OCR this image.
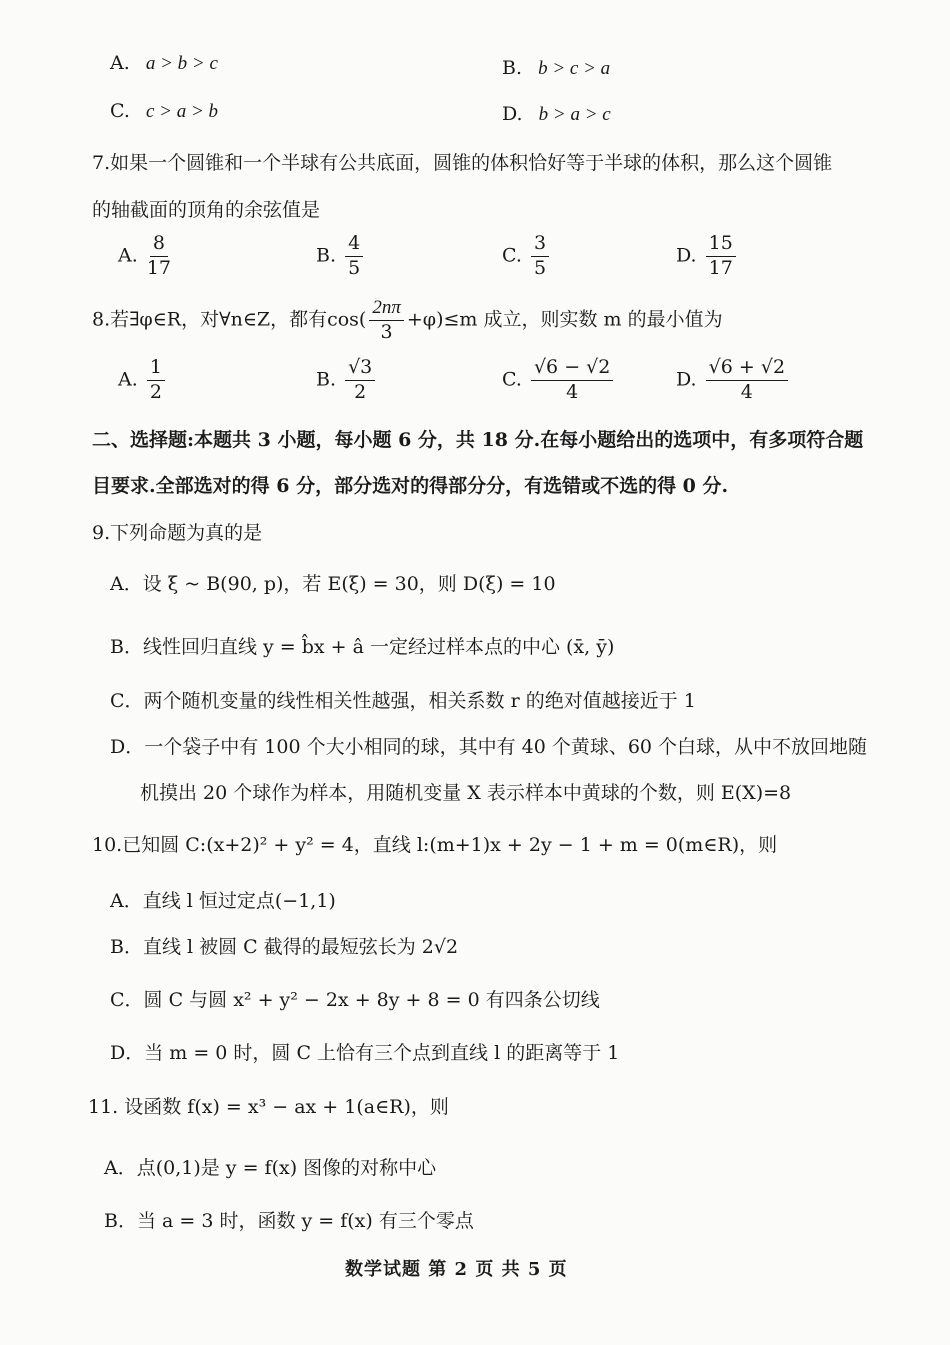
A. a > b > c	B. b > c > a
C. c > a > b	D. b > a > c
7.如果一个圆锥和一个半球有公共底面，圆锥的体积恰好等于半球的体积，那么这个圆锥
的轴截面的顶角的余弦值是
A. $\frac{8}{17}$	B. $\frac{4}{5}$	C. $\frac{3}{5}$	D. $\frac{15}{17}$
8.若∃φ∈R，对∀n∈Z，都有$\cos( \frac{2n\pi}{3} +\varphi)\le m$ 成立，则实数 m 的最小值为
A. $\frac{1}{2}$	B. $\frac{√3}{2}$	C. $\frac{√6 - √2}{4}$	D. $\frac{√6 + √2}{4}$
二、选择题:本题共 3 小题，每小题 6 分，共 18 分.在每小题给出的选项中，有多项符合题
目要求.全部选对的得 6 分，部分选对的得部分分，有选错或不选的得 0 分.
9.下列命题为真的是
A．设 ξ ~ B(90, p)，若 E(ξ) = 30，则 D(ξ) = 10
B．线性回归直线 y = b̂x + â 一定经过样本点的中心 (x̄, ȳ)
C．两个随机变量的线性相关性越强，相关系数 r 的绝对值越接近于 1
D．一个袋子中有 100 个大小相同的球，其中有 40 个黄球、60 个白球，从中不放回地随
机摸出 20 个球作为样本，用随机变量 X 表示样本中黄球的个数，则 E(X)=8
10.已知圆 C:(x+2)² + y² = 4，直线 l:(m+1)x + 2y − 1 + m = 0(m∈R)，则
A．直线 l 恒过定点(−1,1)
B．直线 l 被圆 C 截得的最短弦长为 2√2
C．圆 C 与圆 x² + y² − 2x + 8y + 8 = 0 有四条公切线
D．当 m = 0 时，圆 C 上恰有三个点到直线 l 的距离等于 1
11. 设函数 f(x) = x³ − ax + 1(a∈R)，则
A．点(0,1)是 y = f(x) 图像的对称中心
B．当 a = 3 时，函数 y = f(x) 有三个零点
数学试题 第 2 页 共 5 页
